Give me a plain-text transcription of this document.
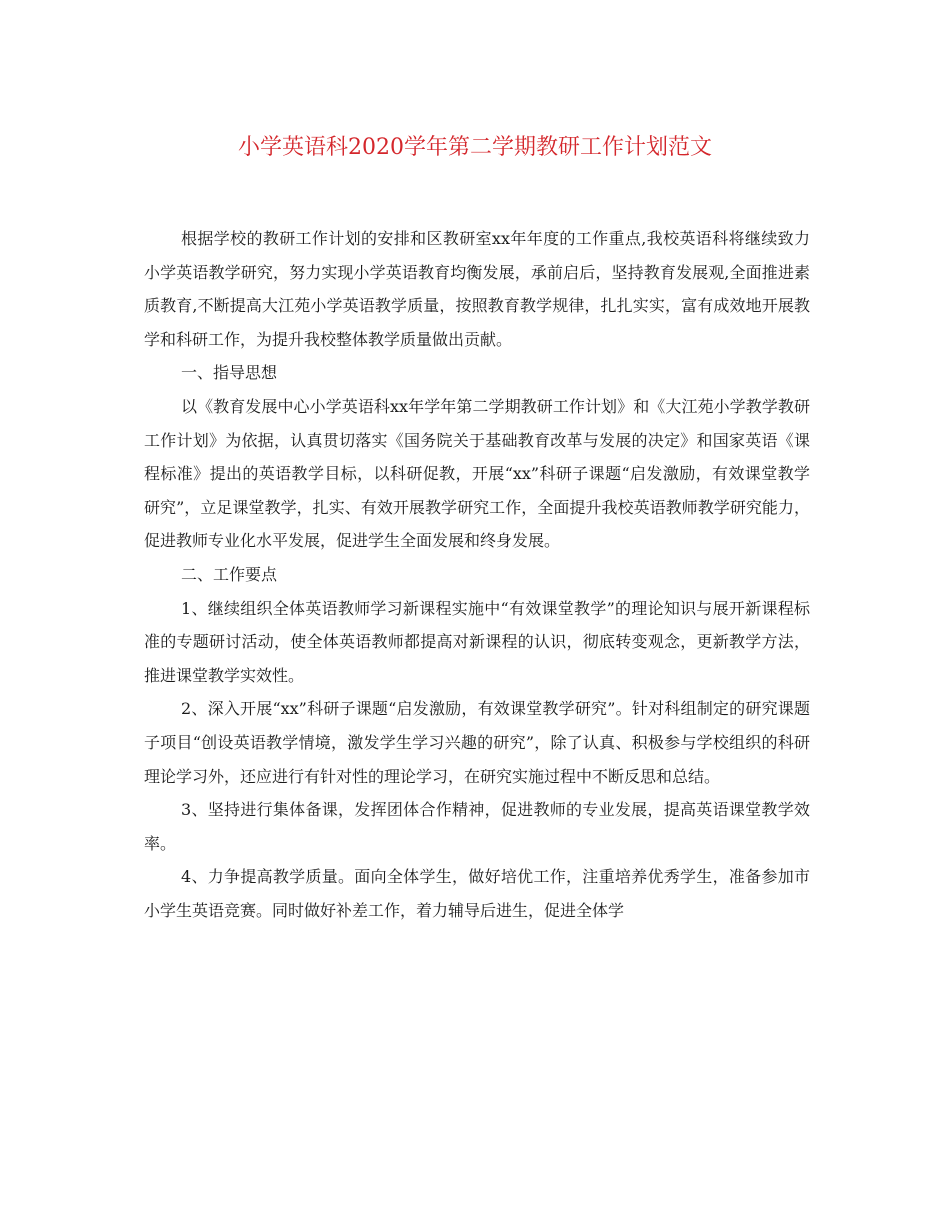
小学英语科2020学年第二学期教研工作计划范文

根据学校的教研工作计划的安排和区教研室xx年年度的工作重点,我校英语科将继续致力小学英语教学研究，努力实现小学英语教育均衡发展，承前启后，坚持教育发展观,全面推进素质教育,不断提高大江苑小学英语教学质量，按照教育教学规律，扎扎实实，富有成效地开展教学和科研工作，为提升我校整体教学质量做出贡献。

一、指导思想

以《教育发展中心小学英语科xx年学年第二学期教研工作计划》和《大江苑小学教学教研工作计划》为依据，认真贯切落实《国务院关于基础教育改革与发展的决定》和国家英语《课程标准》提出的英语教学目标，以科研促教，开展“xx”科研子课题“启发激励，有效课堂教学研究”，立足课堂教学，扎实、有效开展教学研究工作，全面提升我校英语教师教学研究能力，促进教师专业化水平发展，促进学生全面发展和终身发展。

二、工作要点

1、继续组织全体英语教师学习新课程实施中“有效课堂教学”的理论知识与展开新课程标准的专题研讨活动，使全体英语教师都提高对新课程的认识，彻底转变观念，更新教学方法，推进课堂教学实效性。

2、深入开展“xx”科研子课题“启发激励，有效课堂教学研究”。针对科组制定的研究课题子项目“创设英语教学情境，激发学生学习兴趣的研究”，除了认真、积极参与学校组织的科研理论学习外，还应进行有针对性的理论学习，在研究实施过程中不断反思和总结。

3、坚持进行集体备课，发挥团体合作精神，促进教师的专业发展，提高英语课堂教学效率。

4、力争提高教学质量。面向全体学生，做好培优工作，注重培养优秀学生，准备参加市小学生英语竞赛。同时做好补差工作，着力辅导后进生，促进全体学
